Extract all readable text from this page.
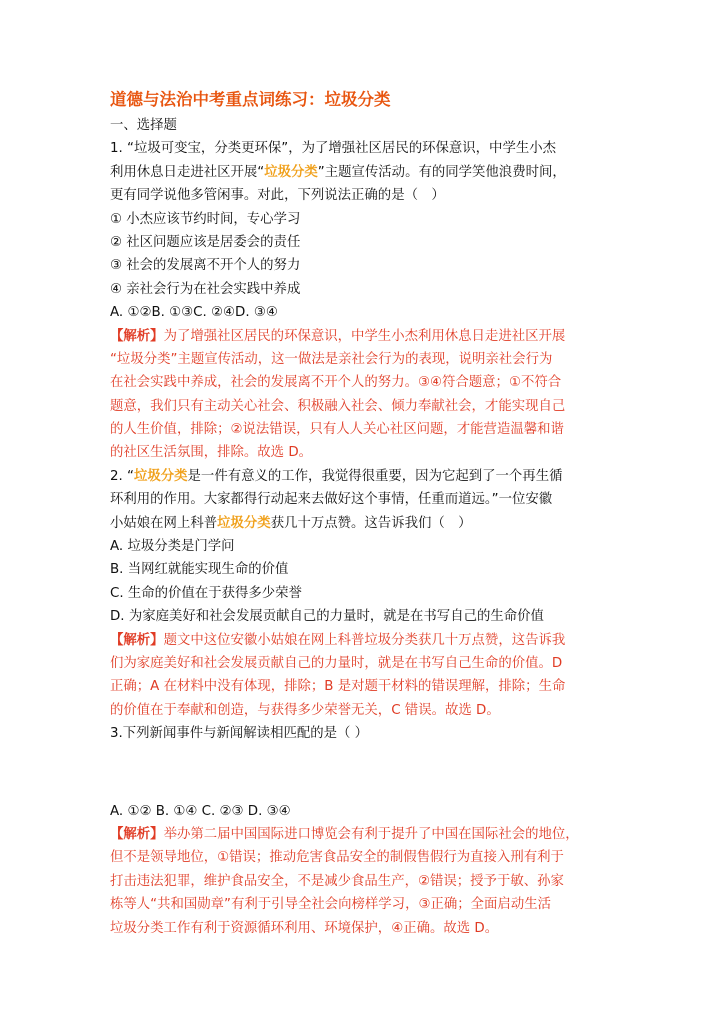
道德与法治中考重点词练习：垃圾分类
一、选择题
1. “垃圾可变宝，分类更环保”，为了增强社区居民的环保意识，中学生小杰
利用休息日走进社区开展“垃圾分类”主题宣传活动。有的同学笑他浪费时间，
更有同学说他多管闲事。对此，下列说法正确的是（　）
① 小杰应该节约时间，专心学习
② 社区问题应该是居委会的责任
③ 社会的发展离不开个人的努力
④ 亲社会行为在社会实践中养成
A. ①②B. ①③C. ②④D. ③④
【解析】为了增强社区居民的环保意识，中学生小杰利用休息日走进社区开展
“垃圾分类”主题宣传活动，这一做法是亲社会行为的表现，说明亲社会行为
在社会实践中养成，社会的发展离不开个人的努力。③④符合题意；①不符合
题意，我们只有主动关心社会、积极融入社会、倾力奉献社会，才能实现自己
的人生价值，排除；②说法错误，只有人人关心社区问题，才能营造温馨和谐
的社区生活氛围，排除。故选 D。
2. “垃圾分类是一件有意义的工作，我觉得很重要，因为它起到了一个再生循
环利用的作用。大家都得行动起来去做好这个事情，任重而道远。”一位安徽
小姑娘在网上科普垃圾分类获几十万点赞。这告诉我们（　）
A. 垃圾分类是门学问
B. 当网红就能实现生命的价值
C. 生命的价值在于获得多少荣誉
D. 为家庭美好和社会发展贡献自己的力量时，就是在书写自己的生命价值
【解析】题文中这位安徽小姑娘在网上科普垃圾分类获几十万点赞，这告诉我
们为家庭美好和社会发展贡献自己的力量时，就是在书写自己生命的价值。D
正确；A 在材料中没有体现，排除；B 是对题干材料的错误理解，排除；生命
的价值在于奉献和创造，与获得多少荣誉无关，C 错误。故选 D。
3.下列新闻事件与新闻解读相匹配的是（ ）
A. ①② B. ①④ C. ②③ D. ③④
【解析】举办第二届中国国际进口博览会有利于提升了中国在国际社会的地位，
但不是领导地位，①错误；推动危害食品安全的制假售假行为直接入刑有利于
打击违法犯罪，维护食品安全，不是减少食品生产，②错误；授予于敏、孙家
栋等人“共和国勋章”有利于引导全社会向榜样学习，③正确；全面启动生活
垃圾分类工作有利于资源循环利用、环境保护，④正确。故选 D。
